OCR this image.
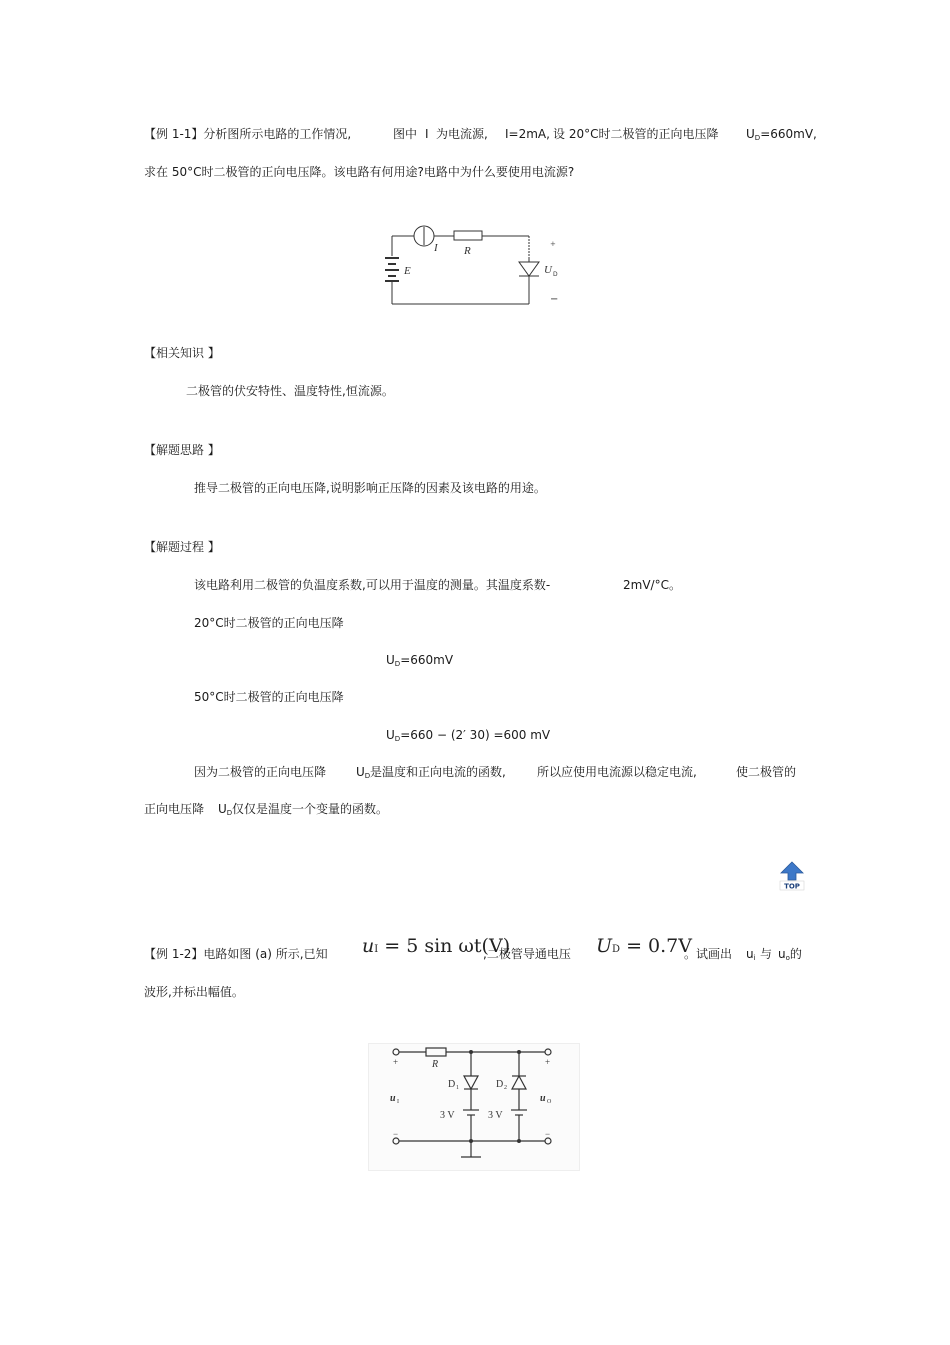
【例 1-1】分析图所示电路的工作情况,	图中 I 为电流源, I=2mA, 设 20°C时二极管的正向电压降 $U_D=660mV$,
求在 50°C时二极管的正向电压降。该电路有何用途?电路中为什么要使用电流源?
I R
E	U D
+
−
【相关知识 】
二极管的伏安特性、温度特性,恒流源。
【解题思路 】
推导二极管的正向电压降,说明影响正压降的因素及该电路的用途。
【解题过程 】
该电路利用二极管的负温度系数,可以用于温度的测量。其温度系数-	2mV/°C。
20°C时二极管的正向电压降
$U_D=660mV$
50°C时二极管的正向电压降
$U_D=660 - (2'$ 30) =600 mV
因为二极管的正向电压降 $U_D$ 是温度和正向电流的函数,	所以应使用电流源以稳定电流,	使二极管的
正向电压降 $U_D$ 仅仅是温度一个变量的函数。
TOP
【例 1-2】电路如图 (a) 所示,已知 uI = 5 sin ωt(V)
,二极管导通电压 UD = 0.7V
。试画出 $u_i$ 与 $u_o$的
波形,并标出幅值。
R
D 1	D 2
3 V	3 V
u I	u O
+	+
−	−
